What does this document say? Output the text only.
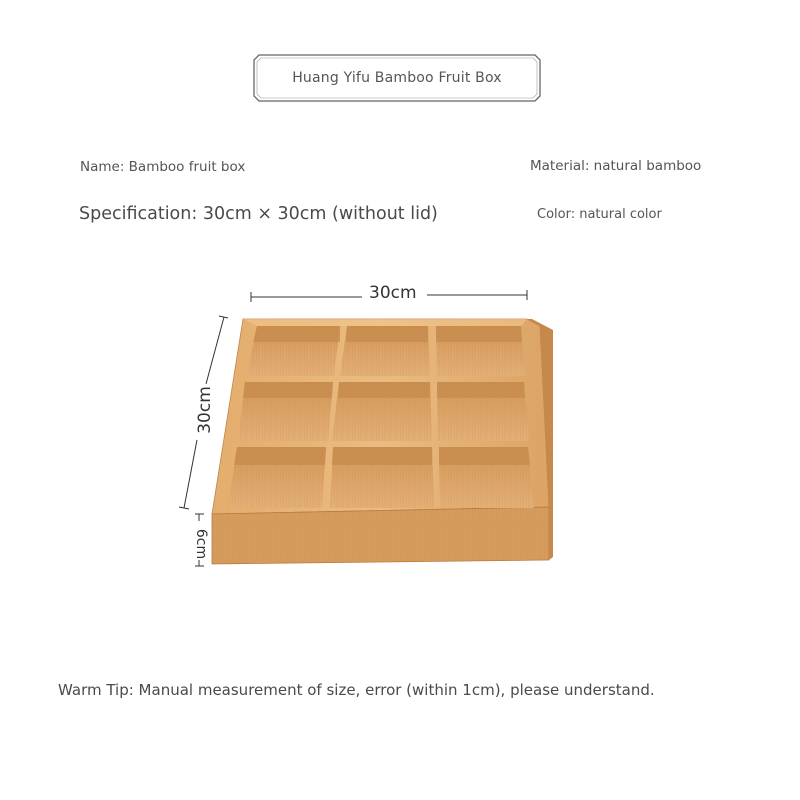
Huang Yifu Bamboo Fruit Box
Name: Bamboo fruit box	Material: natural bamboo
Specification: 30cm × 30cm (without lid)	Color: natural color
30cm
30cm
6cm
Warm Tip: Manual measurement of size, error (within 1cm), please understand.
